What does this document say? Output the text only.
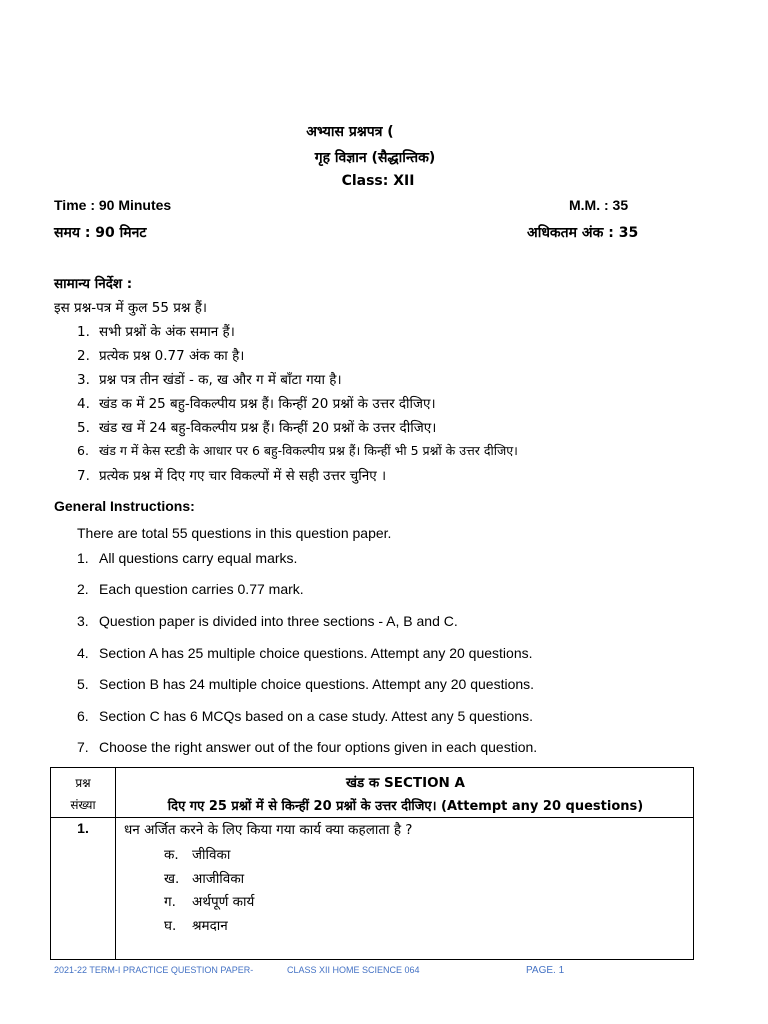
अभ्यास प्रश्नपत्र (
गृह विज्ञान (सैद्धान्तिक)
Class: XII
Time : 90 Minutes	M.M. : 35
समय : 90 मिनट	अधिकतम अंक : 35
सामान्य निर्देश :
इस प्रश्न-पत्र में कुल 55 प्रश्न हैं।
1. सभी प्रश्नों के अंक समान हैं।
2. प्रत्येक प्रश्न 0.77 अंक का है।
3. प्रश्न पत्र तीन खंडों - क, ख और ग में बाँटा गया है।
4. खंड क में 25 बहु-विकल्पीय प्रश्न हैं। किन्हीं 20 प्रश्नों के उत्तर दीजिए।
5. खंड ख में 24 बहु-विकल्पीय प्रश्न हैं। किन्हीं 20 प्रश्नों के उत्तर दीजिए।
6. खंड ग में केस स्टडी के आधार पर 6 बहु-विकल्पीय प्रश्न हैं। किन्हीं भी 5 प्रश्नों के उत्तर दीजिए।
7. प्रत्येक प्रश्न में दिए गए चार विकल्पों में से सही उत्तर चुनिए ।
General Instructions:
There are total 55 questions in this question paper.
1. All questions carry equal marks.
2. Each question carries 0.77 mark.
3. Question paper is divided into three sections - A, B and C.
4. Section A has 25 multiple choice questions. Attempt any 20 questions.
5. Section B has 24 multiple choice questions. Attempt any 20 questions.
6. Section C has 6 MCQs based on a case study. Attest any 5 questions.
7. Choose the right answer out of the four options given in each question.
प्रश्न
संख्या
खंड क SECTION A
दिए गए 25 प्रश्नों में से किन्हीं 20 प्रश्नों के उत्तर दीजिए। (Attempt any 20 questions)
1.	धन अर्जित करने के लिए किया गया कार्य क्या कहलाता है ?
क. जीविका
ख. आजीविका
ग. अर्थपूर्ण कार्य
घ. श्रमदान
2021-22 TERM-I PRACTICE QUESTION PAPER-	CLASS XII HOME SCIENCE 064	PAGE. 1
